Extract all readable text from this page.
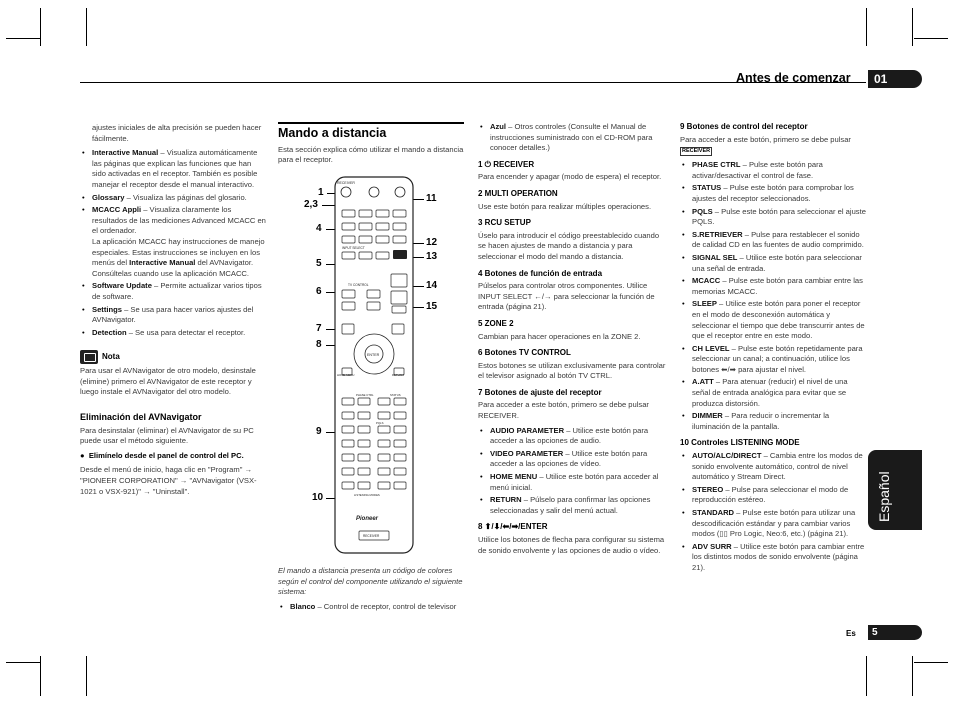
Antes de comenzar	01
Español
Es	5

ajustes iniciales de alta precisión se pueden hacer fácilmente.

• Interactive Manual – Visualiza automáticamente las páginas que explican las funciones que han sido activadas en el receptor. También es posible manejar el receptor desde el manual interactivo.
• Glossary – Visualiza las páginas del glosario.
• MCACC Appli – Visualiza claramente los resultados de las mediciones Advanced MCACC en el ordenador.
La aplicación MCACC hay instrucciones de manejo especiales. Estas instrucciones se incluyen en los menús del Interactive Manual del AVNavigator. Consúltelas cuando use la aplicación MCACC.
• Software Update – Permite actualizar varios tipos de software.
• Settings – Se usa para hacer varios ajustes del AVNavigator.
• Detection – Se usa para detectar el receptor.
Nota

Para usar el AVNavigator de otro modelo, desinstale (elimine) primero el AVNavigator de este receptor y luego instale el AVNavigator del otro modelo.

Eliminación del AVNavigator

Para desinstalar (eliminar) el AVNavigator de su PC puede usar el método siguiente.

●  Elimínelo desde el panel de control del PC.

Desde el menú de inicio, haga clic en "Program" → "PIONEER CORPORATION" → "AVNavigator (VSX-1021 o VSX-921)" → "Uninstall".

Mando a distancia

Esta sección explica cómo utilizar el mando a distancia para el receptor.

1
2,3
4
5
6
7
8
9
10
11
12
13
14
15
RECEIVER
INPUT SELECT
TV CONTROL
ENTER
HOME MENU	RETURN
PHASE CTRL	STATUS
PQLS
LISTENING MODES
Pioneer
RECEIVER

El mando a distancia presenta un código de colores según el control del componente utilizando el siguiente sistema:

• Blanco – Control de receptor, control de televisor
• Azul – Otros controles (Consulte el Manual de instrucciones suministrado con el CD-ROM para conocer detalles.)
1 ⏻ RECEIVER

Para encender y apagar (modo de espera) el receptor.

2 MULTI OPERATION

Use este botón para realizar múltiples operaciones.

3 RCU SETUP

Úselo para introducir el código preestablecido cuando se hacen ajustes de mando a distancia y para seleccionar el modo del mando a distancia.

4 Botones de función de entrada

Púlselos para controlar otros componentes. Utilice INPUT SELECT ←/→ para seleccionar la función de entrada (página 21).

5 ZONE 2

Cambian para hacer operaciones en la ZONE 2.

6 Botones TV CONTROL

Estos botones se utilizan exclusivamente para controlar el televisor asignado al botón TV CTRL.

7 Botones de ajuste del receptor

Para acceder a este botón, primero se debe pulsar RECEIVER.

• AUDIO PARAMETER – Utilice este botón para acceder a las opciones de audio.
• VIDEO PARAMETER – Utilice este botón para acceder a las opciones de vídeo.
• HOME MENU – Utilice este botón para acceder al menú inicial.
• RETURN – Púlselo para confirmar las opciones seleccionadas y salir del menú actual.
8 ⬆/⬇/⬅/➡/ENTER

Utilice los botones de flecha para configurar su sistema de sonido envolvente y las opciones de audio o vídeo.

9 Botones de control del receptor

Para acceder a este botón, primero se debe pulsar RECEIVER

• PHASE CTRL – Pulse este botón para activar/desactivar el control de fase.
• STATUS – Pulse este botón para comprobar los ajustes del receptor seleccionados.
• PQLS – Pulse este botón para seleccionar el ajuste PQLS.
• S.RETRIEVER – Pulse para restablecer el sonido de calidad CD en las fuentes de audio comprimido.
• SIGNAL SEL – Utilice este botón para seleccionar una señal de entrada.
• MCACC – Pulse este botón para cambiar entre las memorias MCACC.
• SLEEP – Utilice este botón para poner el receptor en el modo de desconexión automática y seleccionar el tiempo que debe transcurrir antes de que el receptor entre en este modo.
• CH LEVEL – Pulse este botón repetidamente para seleccionar un canal; a continuación, utilice los botones ⬅/➡ para ajustar el nivel.
• A.ATT – Para atenuar (reducir) el nivel de una señal de entrada analógica para evitar que se produzca distorsión.
• DIMMER – Para reducir o incrementar la iluminación de la pantalla.
10 Controles LISTENING MODE
• AUTO/ALC/DIRECT – Cambia entre los modos de sonido envolvente automático, control de nivel automático y Stream Direct.
• STEREO – Pulse para seleccionar el modo de reproducción estéreo.
• STANDARD – Pulse este botón para utilizar una descodificación estándar y para cambiar varios modos (▯▯ Pro Logic, Neo:6, etc.) (página 21).
• ADV SURR – Utilice este botón para cambiar entre los distintos modos de sonido envolvente (página 21).
